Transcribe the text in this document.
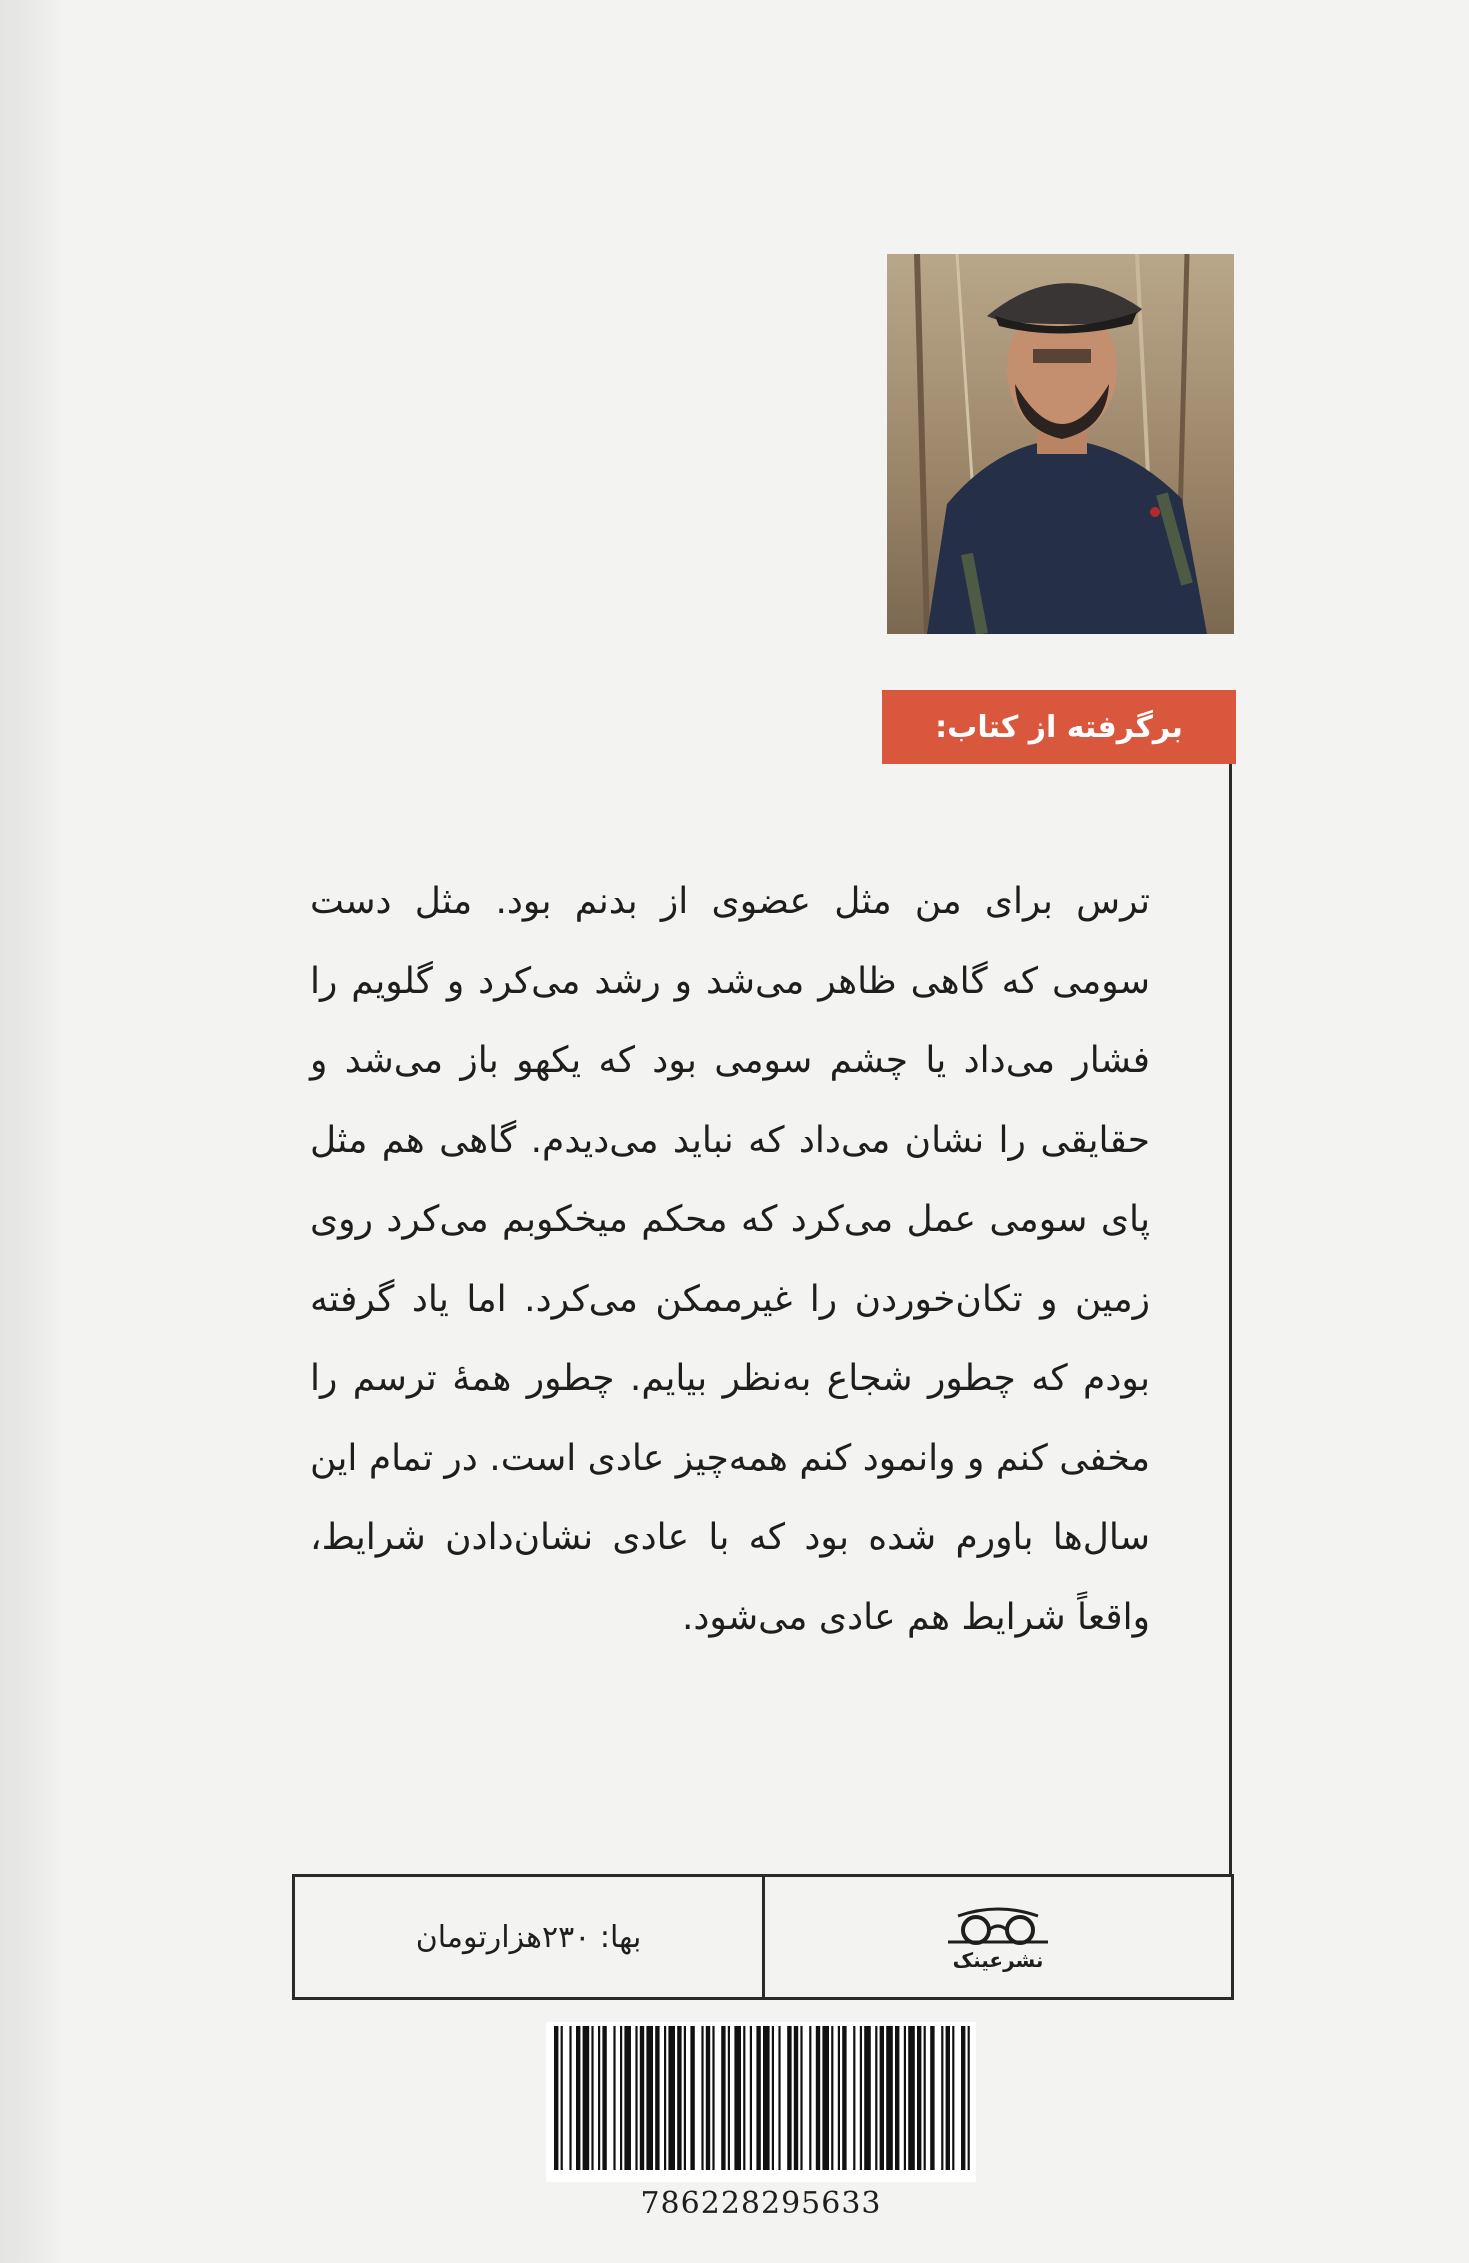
برگرفته از کتاب:
ترس برای من مثل عضوی از بدنم بود. مثل دست سومی که گاهی ظاهر می‌شد و رشد می‌کرد و گلویم را فشار می‌داد یا چشم سومی بود که یکهو باز می‌شد و حقایقی را نشان می‌داد که نباید می‌دیدم. گاهی هم مثل پای سومی عمل می‌کرد که محکم میخکوبم می‌کرد روی زمین و تکان‌خوردن را غیرممکن می‌کرد. اما یاد گرفته بودم که چطور شجاع به‌نظر بیایم. چطور همهٔ ترسم را مخفی کنم و وانمود کنم همه‌چیز عادی است. در تمام این سال‌ها باورم شده بود که با عادی نشان‌دادن شرایط، واقعاً شرایط هم عادی می‌شود.
بها: ۲۳۰هزارتومان
نشرعینک
786228295633
